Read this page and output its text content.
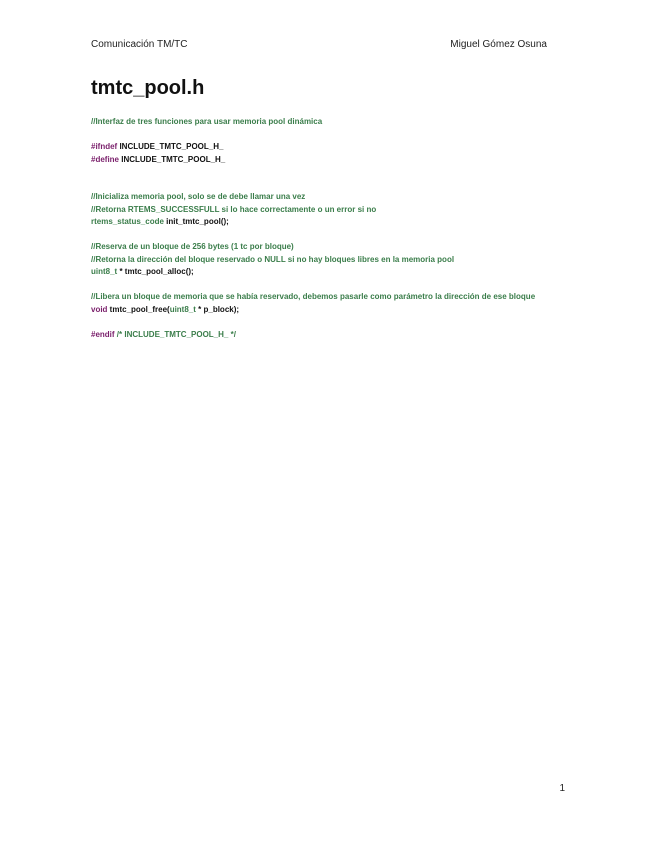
Comunicación TM/TC	Miguel Gómez Osuna
tmtc_pool.h
//Interfaz de tres funciones para usar memoria pool dinámica
#ifndef INCLUDE_TMTC_POOL_H_
#define INCLUDE_TMTC_POOL_H_
//Inicializa memoria pool, solo se de debe llamar una vez
//Retorna RTEMS_SUCCESSFULL si lo hace correctamente o un error si no
rtems_status_code init_tmtc_pool();
//Reserva de un bloque de 256 bytes (1 tc por bloque)
//Retorna la dirección del bloque reservado o NULL si no hay bloques libres en la memoria pool
uint8_t * tmtc_pool_alloc();
//Libera un bloque de memoria que se había reservado, debemos pasarle como parámetro la dirección de ese bloque
void tmtc_pool_free(uint8_t * p_block);
#endif /* INCLUDE_TMTC_POOL_H_ */
1
